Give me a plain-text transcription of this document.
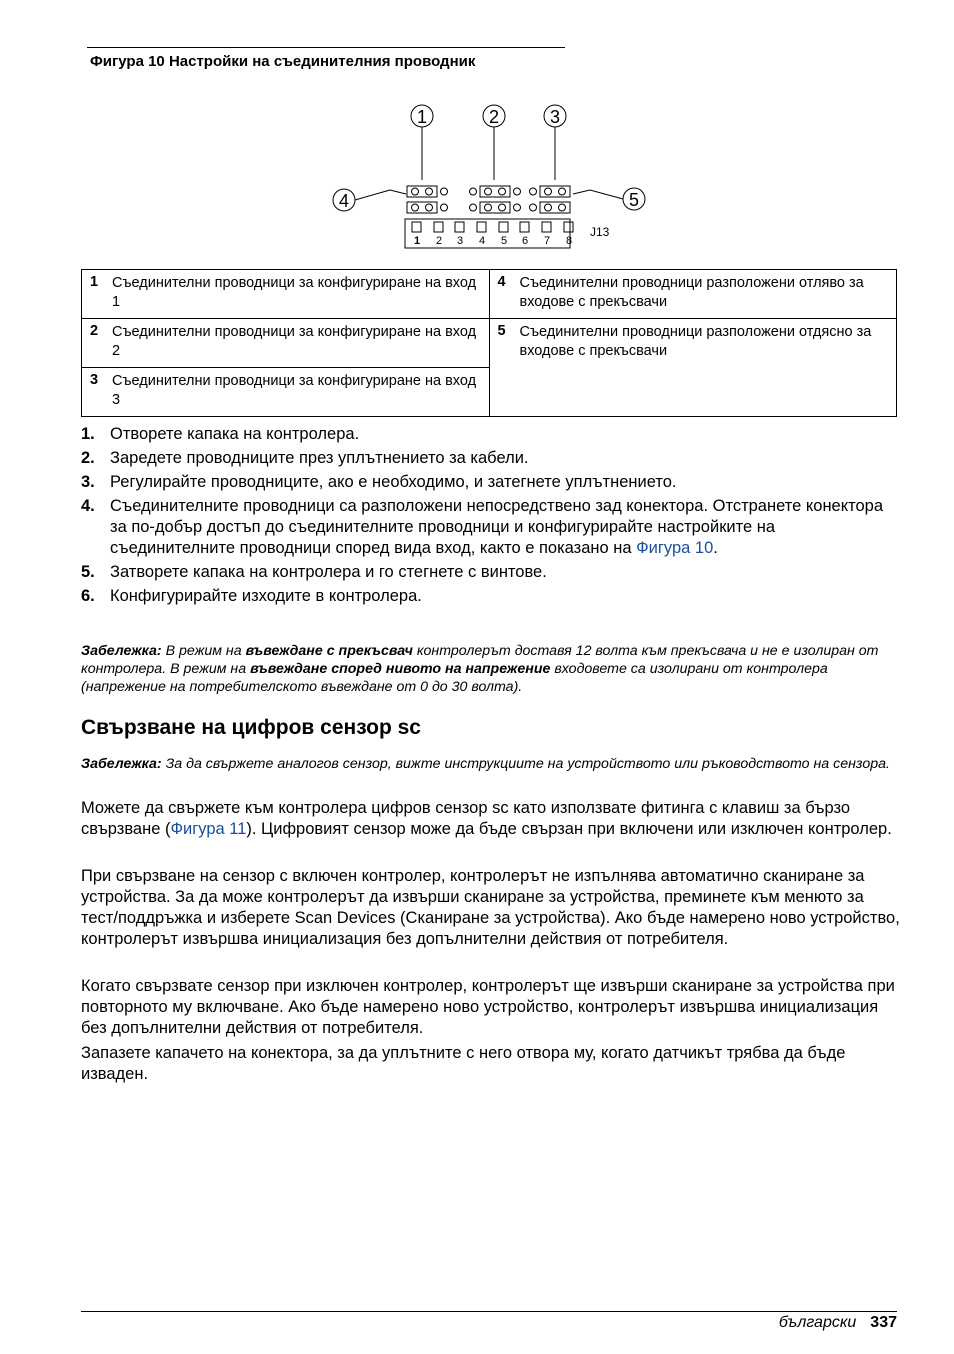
Фигура 10 Настройки на съединителния проводник
1	2	3
4	5
1 2 3 4 5 6 7 8
J13
1 Съединителни проводници за конфигуриране на вход 1	4 Съединителни проводници разположени отляво за входове с прекъсвачи

2 Съединителни проводници за конфигуриране на вход 2	5 Съединителни проводници разположени отдясно за входове с прекъсвачи

3 Съединителни проводници за конфигуриране на вход 3	
1. Отворете капака на контролера.
2. Заредете проводниците през уплътнението за кабели.
3. Регулирайте проводниците, ако е необходимо, и затегнете уплътнението.
4. Съединителните проводници са разположени непосредствено зад конектора. Отстранете конектора за по-добър достъп до съединителните проводници и конфигурирайте настройките на съединителните проводници според вида вход, както е показано на Фигура 10.
5. Затворете капака на контролера и го стегнете с винтове.
6. Конфигурирайте изходите в контролера.
Забележка: В режим на въвеждане с прекъсвач контролерът доставя 12 волта към прекъсвача и не е изолиран от контролера. В режим на въвеждане според нивото на напрежение входовете са изолирани от контролера (напрежение на потребителското въвеждане от 0 до 30 волта).
Свързване на цифров сензор sc
Забележка: За да свържете аналогов сензор, вижте инструкциите на устройството или ръководството на сензора.
Можете да свържете към контролера цифров сензор sc като използвате фитинга с клавиш за бързо свързване (Фигура 11). Цифровият сензор може да бъде свързан при включени или изключен контролер.
При свързване на сензор с включен контролер, контролерът не изпълнява автоматично сканиране за устройства. За да може контролерът да извърши сканиране за устройства, преминете към менюто за тест/поддръжка и изберете Scan Devices (Сканиране за устройства). Ако бъде намерено ново устройство, контролерът извършва инициализация без допълнителни действия от потребителя.
Когато свързвате сензор при изключен контролер, контролерът ще извърши сканиране за устройства при повторното му включване. Ако бъде намерено ново устройство, контролерът извършва инициализация без допълнителни действия от потребителя.
Запазете капачето на конектора, за да уплътните с него отвора му, когато датчикът трябва да бъде изваден.
български 337
